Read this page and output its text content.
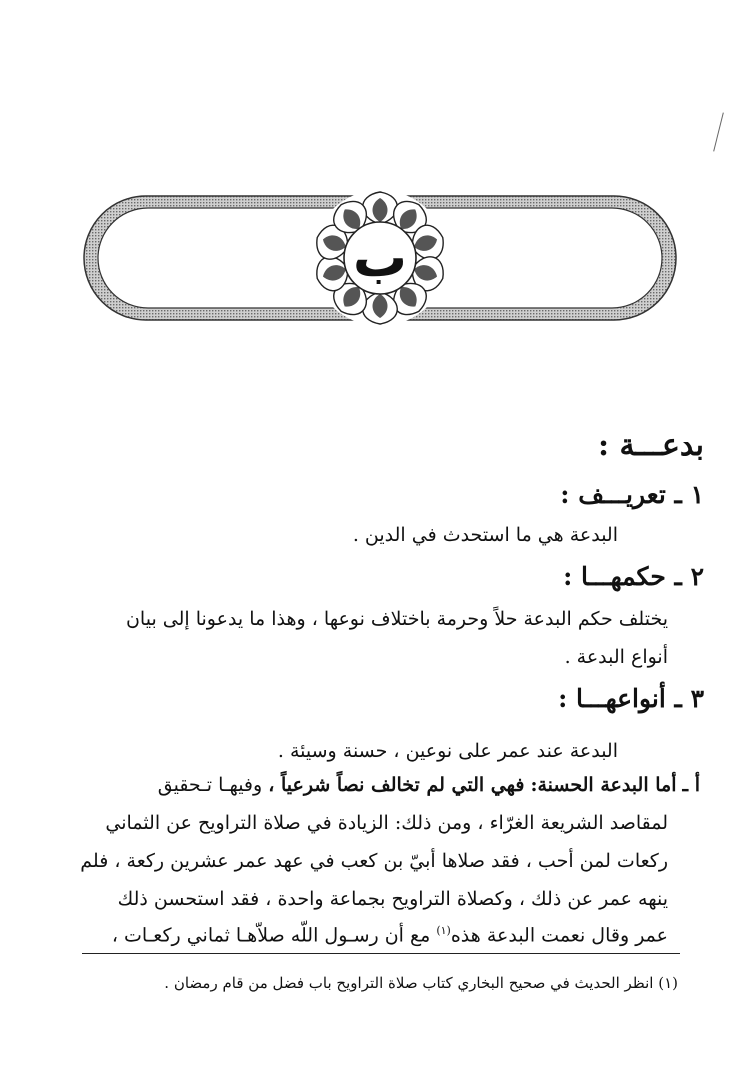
ب
بدعـــة :
١ ـ تعريـــف :
البدعة هي ما استحدث في الدين .
٢ ـ حكمهـــا :
يختلف حكم البدعة حلاً وحرمة باختلاف نوعها ، وهذا ما يدعونا إلى بيان
أنواع البدعة .
٣ ـ أنواعهـــا :
البدعة عند عمر على نوعين ، حسنة وسيئة .
أ ـ أما البدعة الحسنة: فهي التي لم تخالف نصاً شرعياً ، وفيهـا تـحقيق
لمقاصد الشريعة الغرّاء ، ومن ذلك: الزيادة في صلاة التراويح عن الثماني
ركعات لمن أحب ، فقد صلاها أبيّ بن كعب في عهد عمر عشرين ركعة ، فلم
ينهه عمر عن ذلك ، وكصلاة التراويح بجماعة واحدة ، فقد استحسن ذلك
عمر وقال نعمت البدعة هذه$^{(١)}$ مع أن رسـول اللّه صلاّهـا ثماني ركعـات ،
(١) انظر الحديث في صحيح البخاري كتاب صلاة التراويح باب فضل من قام رمضان .
